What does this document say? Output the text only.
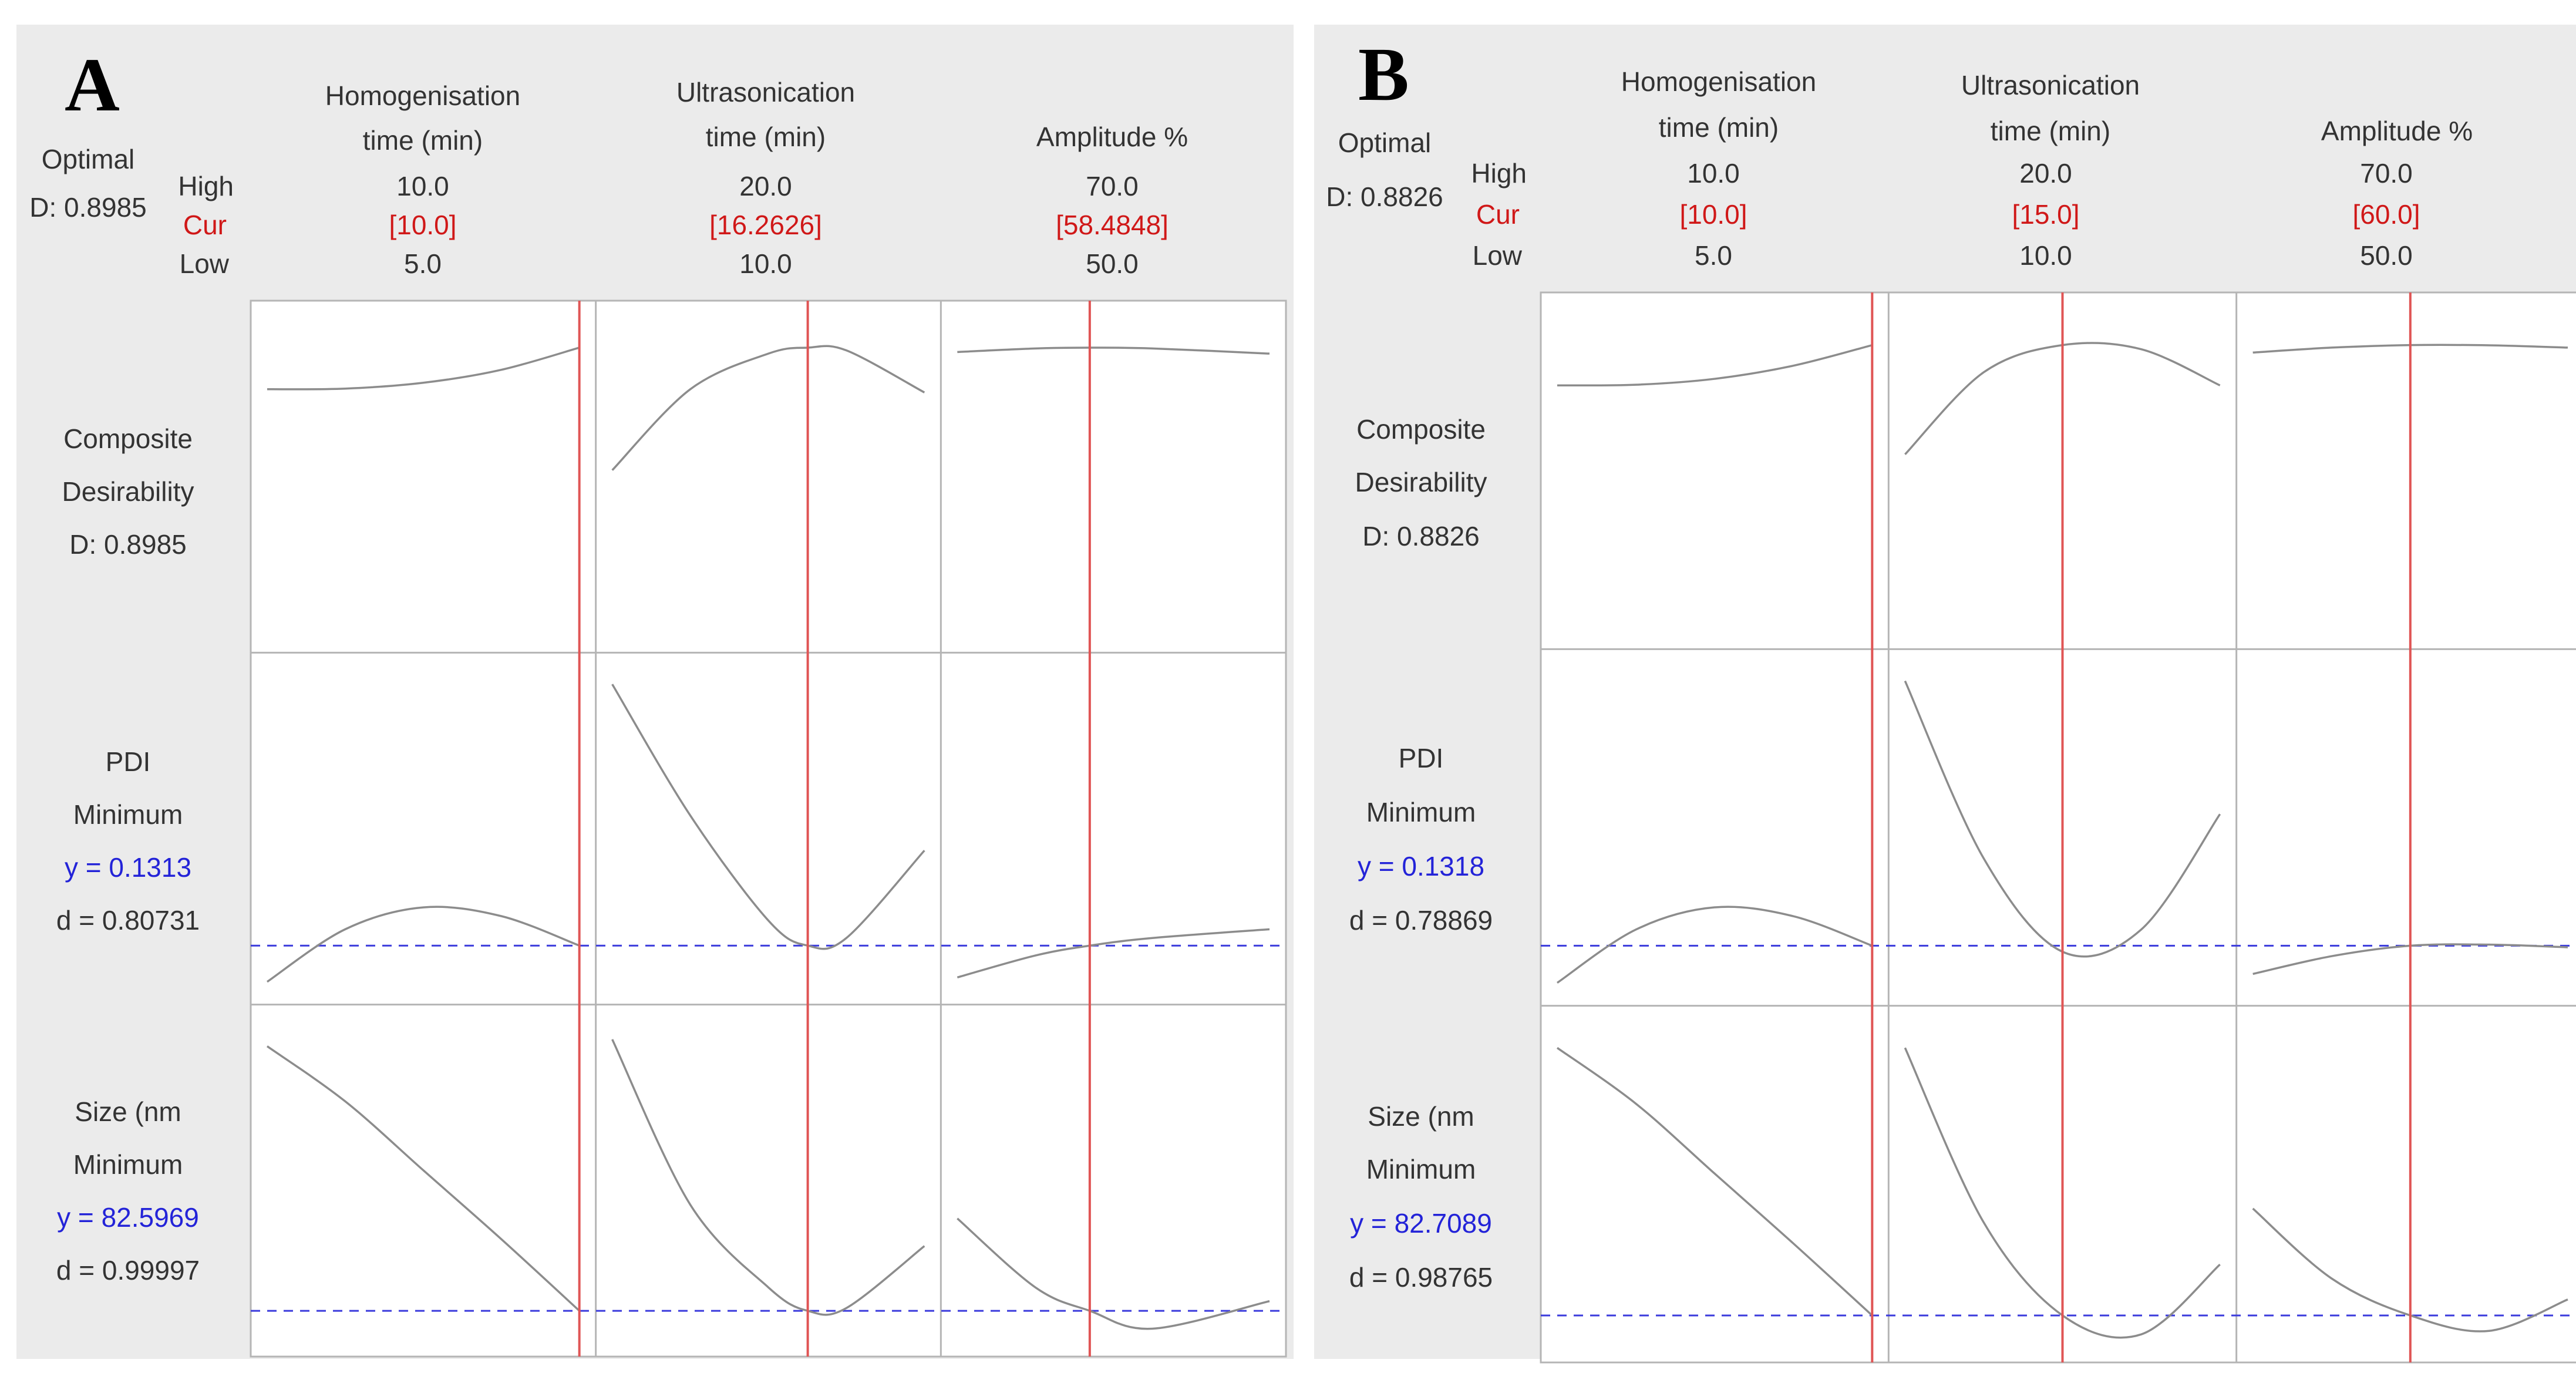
A
Optimal
D: 0.8985
High
Cur
Low
Homogenisation
time (min)
10.0
[10.0]
5.0
Ultrasonication
time (min)
20.0
[16.2626]
10.0
Amplitude %
70.0
[58.4848]
50.0
Composite
Desirability
D: 0.8985
PDI
Minimum
y = 0.1313
d = 0.80731
Size (nm
Minimum
y = 82.5969
d = 0.99997
B
Optimal
D: 0.8826
High
Cur
Low
Homogenisation
time (min)
10.0
[10.0]
5.0
Ultrasonication
time (min)
20.0
[15.0]
10.0
Amplitude %
70.0
[60.0]
50.0
Composite
Desirability
D: 0.8826
PDI
Minimum
y = 0.1318
d = 0.78869
Size (nm
Minimum
y = 82.7089
d = 0.98765
